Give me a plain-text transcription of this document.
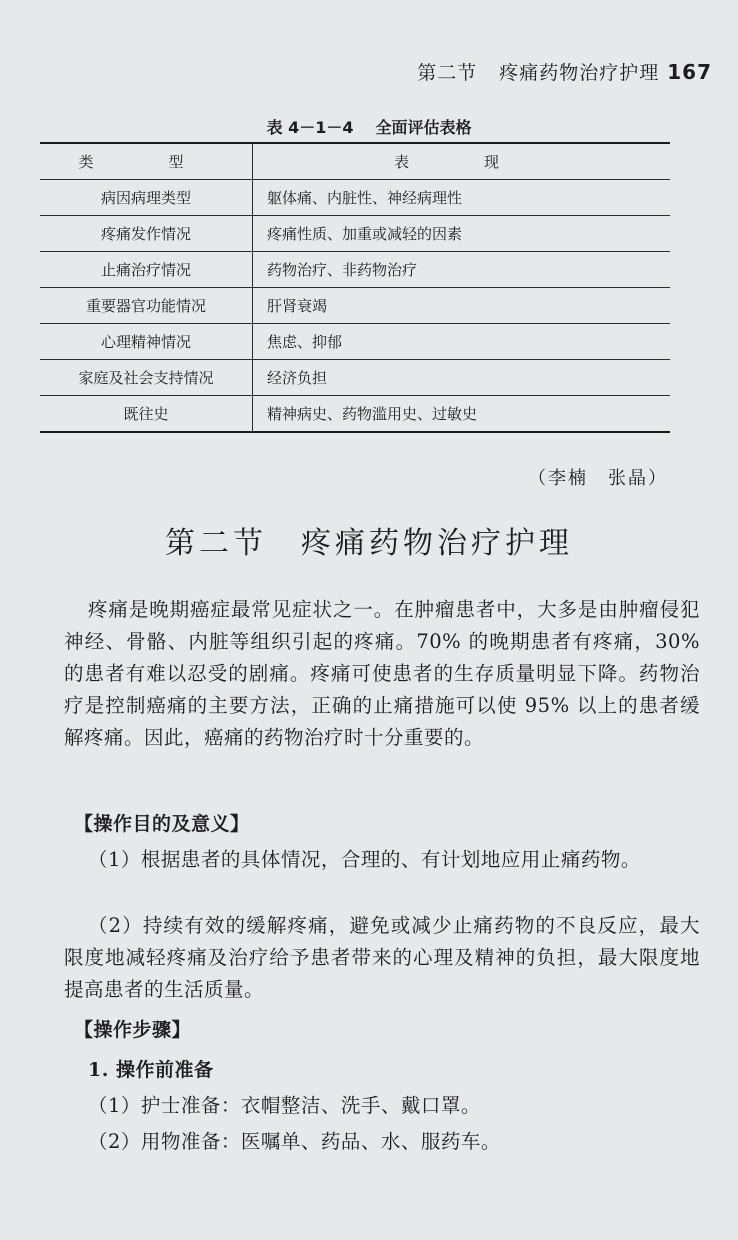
第二节 疼痛药物治疗护理 167
表 4－1－4 全面评估表格
类　型	表　现
病因病理类型	躯体痛、内脏性、神经病理性
疼痛发作情况	疼痛性质、加重或减轻的因素
止痛治疗情况	药物治疗、非药物治疗
重要器官功能情况	肝肾衰竭
心理精神情况	焦虑、抑郁
家庭及社会支持情况	经济负担
既往史	精神病史、药物滥用史、过敏史
（李楠　张晶）
第二节 疼痛药物治疗护理
疼痛是晚期癌症最常见症状之一。在肿瘤患者中，大多是由肿瘤侵犯神经、骨骼、内脏等组织引起的疼痛。70% 的晚期患者有疼痛，30% 的患者有难以忍受的剧痛。疼痛可使患者的生存质量明显下降。药物治疗是控制癌痛的主要方法，正确的止痛措施可以使 95% 以上的患者缓解疼痛。因此，癌痛的药物治疗时十分重要的。
【操作目的及意义】
（1）根据患者的具体情况，合理的、有计划地应用止痛药物。
（2）持续有效的缓解疼痛，避免或减少止痛药物的不良反应，最大限度地减轻疼痛及治疗给予患者带来的心理及精神的负担，最大限度地提高患者的生活质量。
【操作步骤】
1. 操作前准备
（1）护士准备：衣帽整洁、洗手、戴口罩。
（2）用物准备：医嘱单、药品、水、服药车。
